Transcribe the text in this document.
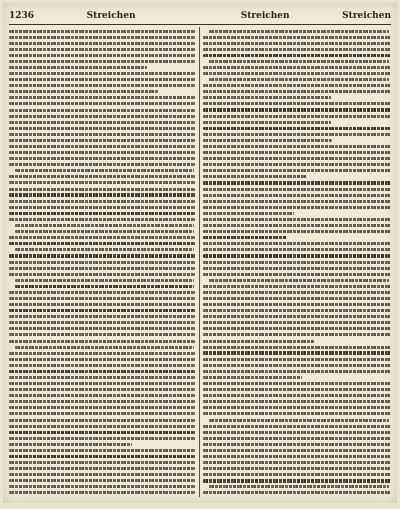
1236	Streichen	Streichen	Streichen
